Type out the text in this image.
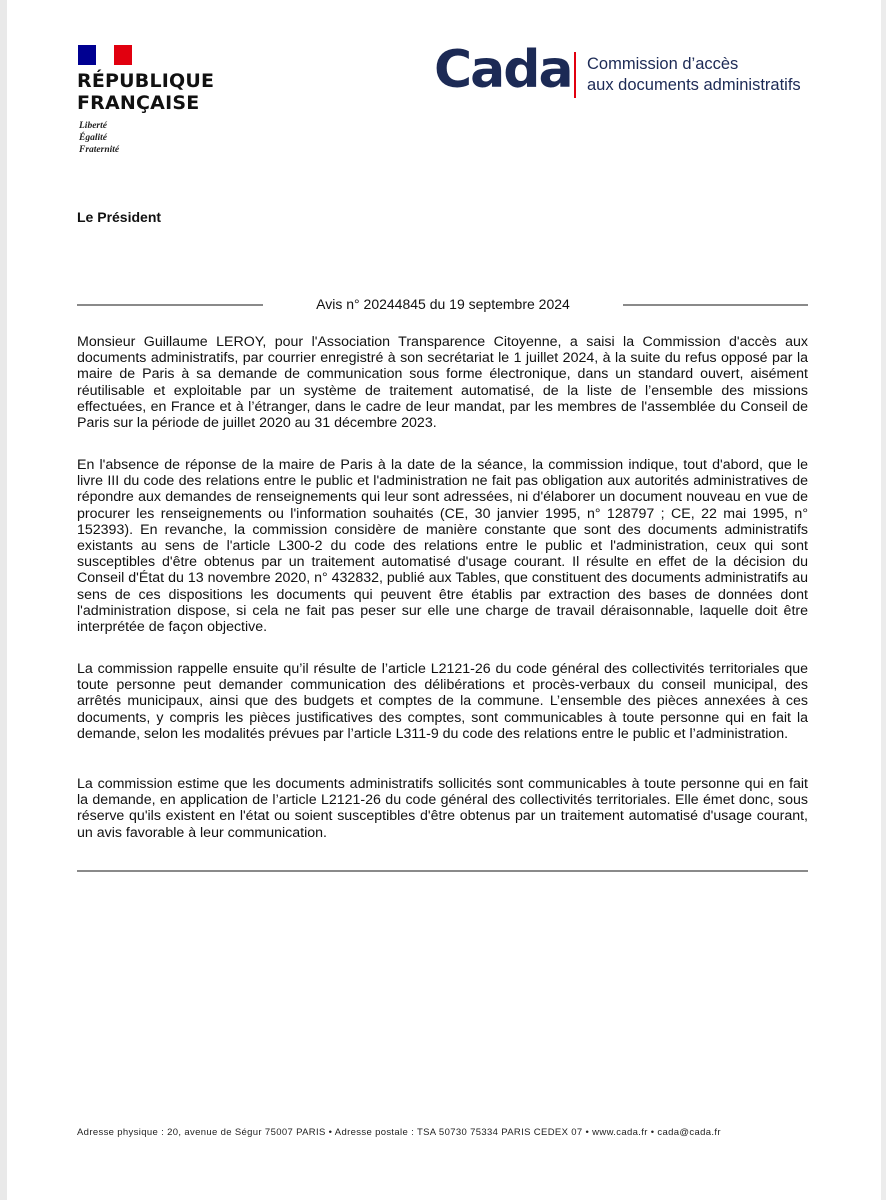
RÉPUBLIQUE
FRANÇAISE
Liberté
Égalité
Fraternité
Cada Commission d’accès
aux documents administratifs
Le Président
Avis n° 20244845 du 19 septembre 2024

Monsieur Guillaume LEROY, pour l'Association Transparence Citoyenne, a saisi la Commission d'accès aux documents administratifs, par courrier enregistré à son secrétariat le 1 juillet 2024, à la suite du refus opposé par la maire de Paris à sa demande de communication sous forme électronique, dans un standard ouvert, aisément réutilisable et exploitable par un système de traitement automatisé, de la liste de l’ensemble des missions effectuées, en France et à l’étranger, dans le cadre de leur mandat, par les membres de l'assemblée du Conseil de Paris sur la période de juillet 2020 au 31 décembre 2023.

En l'absence de réponse de la maire de Paris à la date de la séance, la commission indique, tout d'abord, que le livre III du code des relations entre le public et l'administration ne fait pas obligation aux autorités administratives de répondre aux demandes de renseignements qui leur sont adressées, ni d'élaborer un document nouveau en vue de procurer les renseignements ou l'information souhaités (CE, 30 janvier 1995, n° 128797 ; CE, 22 mai 1995, n° 152393). En revanche, la commission considère de manière constante que sont des documents administratifs existants au sens de l'article L300-2 du code des relations entre le public et l'administration, ceux qui sont susceptibles d'être obtenus par un traitement automatisé d'usage courant. Il résulte en effet de la décision du Conseil d'État du 13 novembre 2020, n° 432832, publié aux Tables, que constituent des documents administratifs au sens de ces dispositions les documents qui peuvent être établis par extraction des bases de données dont l'administration dispose, si cela ne fait pas peser sur elle une charge de travail déraisonnable, laquelle doit être interprétée de façon objective.

La commission rappelle ensuite qu’il résulte de l’article L2121-26 du code général des collectivités territoriales que toute personne peut demander communication des délibérations et procès-verbaux du conseil municipal, des arrêtés municipaux, ainsi que des budgets et comptes de la commune. L’ensemble des pièces annexées à ces documents, y compris les pièces justificatives des comptes, sont communicables à toute personne qui en fait la demande, selon les modalités prévues par l’article L311-9 du code des relations entre le public et l’administration.

La commission estime que les documents administratifs sollicités sont communicables à toute personne qui en fait la demande, en application de l’article L2121-26 du code général des collectivités territoriales. Elle émet donc, sous réserve qu'ils existent en l'état ou soient susceptibles d'être obtenus par un traitement automatisé d'usage courant, un avis favorable à leur communication.

Adresse physique : 20, avenue de Ségur 75007 PARIS • Adresse postale : TSA 50730 75334 PARIS CEDEX 07 • www.cada.fr • cada@cada.fr
